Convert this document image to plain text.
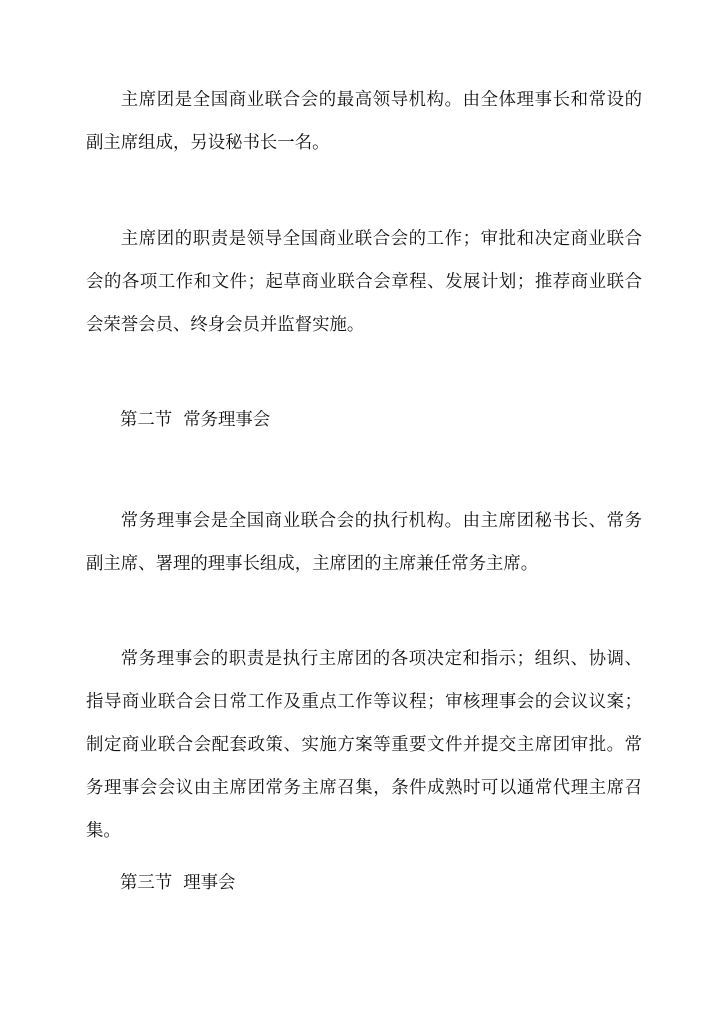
主席团是全国商业联合会的最高领导机构。由全体理事长和常设的副主席组成，另设秘书长一名。

主席团的职责是领导全国商业联合会的工作；审批和决定商业联合会的各项工作和文件；起草商业联合会章程、发展计划；推荐商业联合会荣誉会员、终身会员并监督实施。

第二节  常务理事会

常务理事会是全国商业联合会的执行机构。由主席团秘书长、常务副主席、署理的理事长组成，主席团的主席兼任常务主席。

常务理事会的职责是执行主席团的各项决定和指示；组织、协调、指导商业联合会日常工作及重点工作等议程；审核理事会的会议议案；制定商业联合会配套政策、实施方案等重要文件并提交主席团审批。常务理事会会议由主席团常务主席召集，条件成熟时可以通常代理主席召集。

第三节  理事会
